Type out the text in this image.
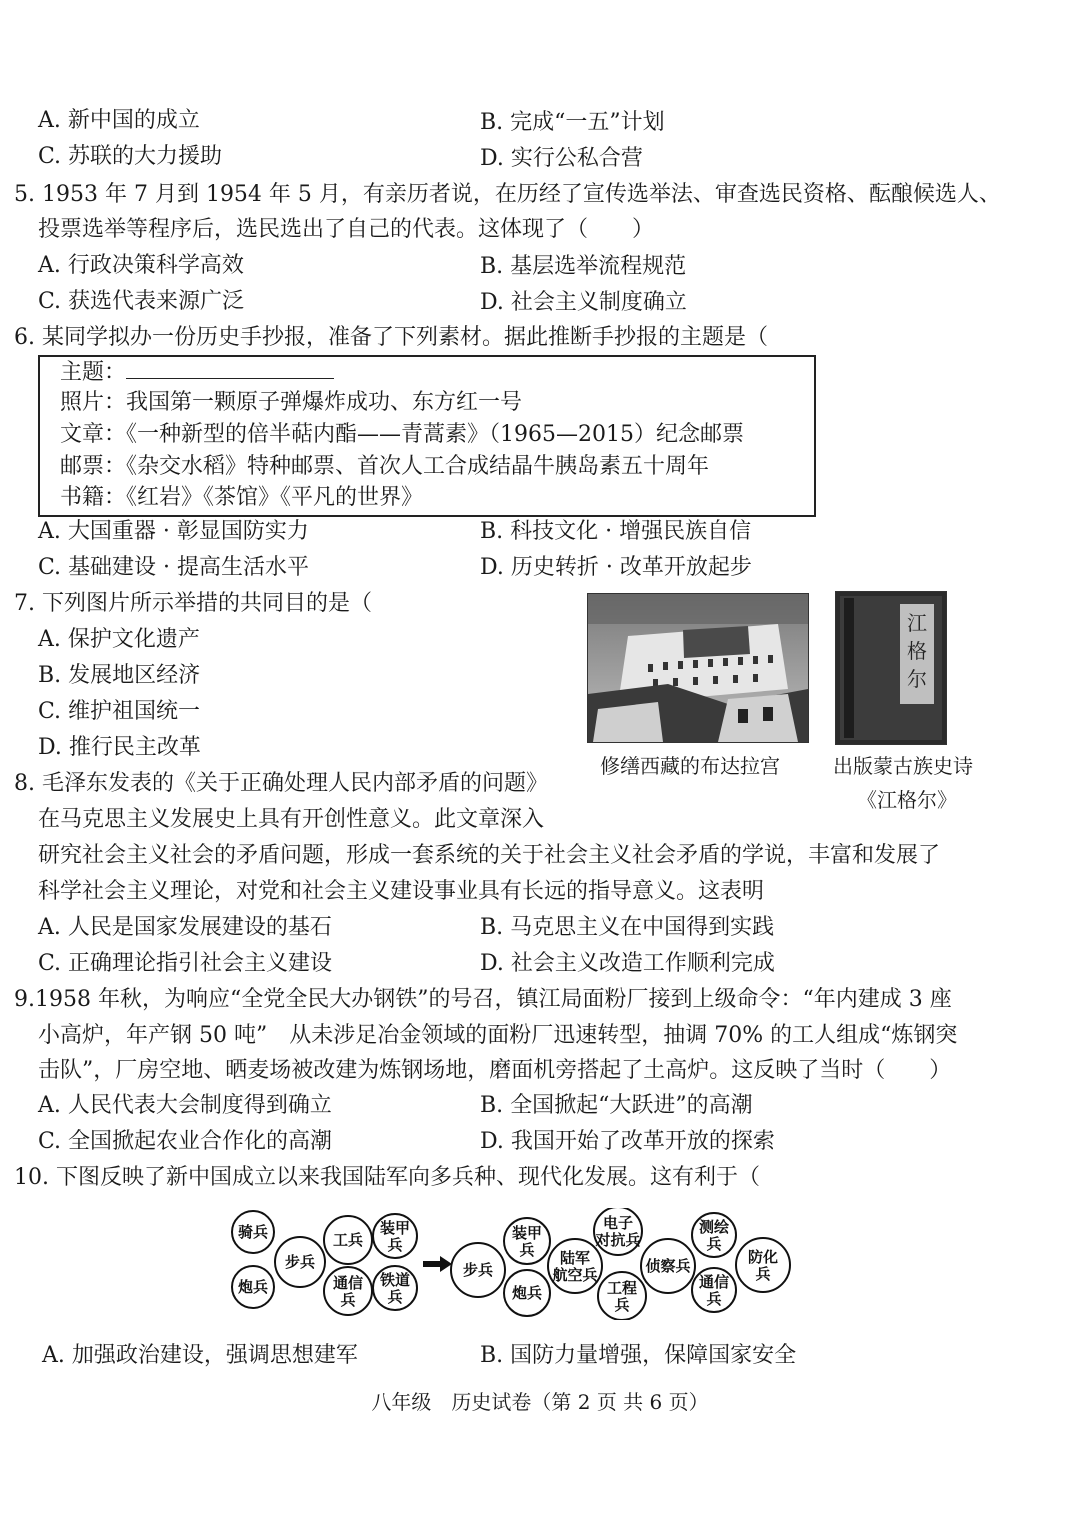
A. 新中国的成立	B. 完成“一五”计划
C. 苏联的大力援助	D. 实行公私合营
5. 1953 年 7 月到 1954 年 5 月，有亲历者说，在历经了宣传选举法、审查选民资格、酝酿候选人、
投票选举等程序后，选民选出了自己的代表。这体现了（　　）
A. 行政决策科学高效	B. 基层选举流程规范
C. 获选代表来源广泛	D. 社会主义制度确立
6. 某同学拟办一份历史手抄报，准备了下列素材。据此推断手抄报的主题是（
主题：
照片：我国第一颗原子弹爆炸成功、东方红一号
文章：《一种新型的倍半萜内酯——青蒿素》（1965—2015）纪念邮票
邮票：《杂交水稻》特种邮票、首次人工合成结晶牛胰岛素五十周年
书籍：《红岩》《茶馆》《平凡的世界》
A. 大国重器 · 彰显国防实力	B. 科技文化 · 增强民族自信
C. 基础建设 · 提高生活水平	D. 历史转折 · 改革开放起步
7. 下列图片所示举措的共同目的是（
A. 保护文化遗产
B. 发展地区经济
C. 维护祖国统一
D. 推行民主改革
江
格
尔
修缮西藏的布达拉宫	出版蒙古族史诗
《江格尔》
8. 毛泽东发表的《关于正确处理人民内部矛盾的问题》
在马克思主义发展史上具有开创性意义。此文章深入
研究社会主义社会的矛盾问题，形成一套系统的关于社会主义社会矛盾的学说，丰富和发展了
科学社会主义理论，对党和社会主义建设事业具有长远的指导意义。这表明
A. 人民是国家发展建设的基石	B. 马克思主义在中国得到实践
C. 正确理论指引社会主义建设	D. 社会主义改造工作顺利完成
9.1958 年秋，为响应“全党全民大办钢铁”的号召，镇江局面粉厂接到上级命令：“年内建成 3 座
小高炉，年产钢 50 吨”　从未涉足冶金领域的面粉厂迅速转型，抽调 70% 的工人组成“炼钢突
击队”，厂房空地、晒麦场被改建为炼钢场地，磨面机旁搭起了土高炉。这反映了当时（　　）
A. 人民代表大会制度得到确立	B. 全国掀起“大跃进”的高潮
C. 全国掀起农业合作化的高潮	D. 我国开始了改革开放的探索
10. 下图反映了新中国成立以来我国陆军向多兵种、现代化发展。这有利于（
骑兵
炮兵
步兵
工兵
装甲
兵
通信
兵
铁道
兵
步兵
装甲
兵
炮兵
陆军
航空兵
电子
对抗兵
工程
兵
侦察兵
测绘
兵
通信
兵
防化
兵
A. 加强政治建设，强调思想建军	B. 国防力量增强，保障国家安全
八年级　历史试卷（第 2 页 共 6 页）
